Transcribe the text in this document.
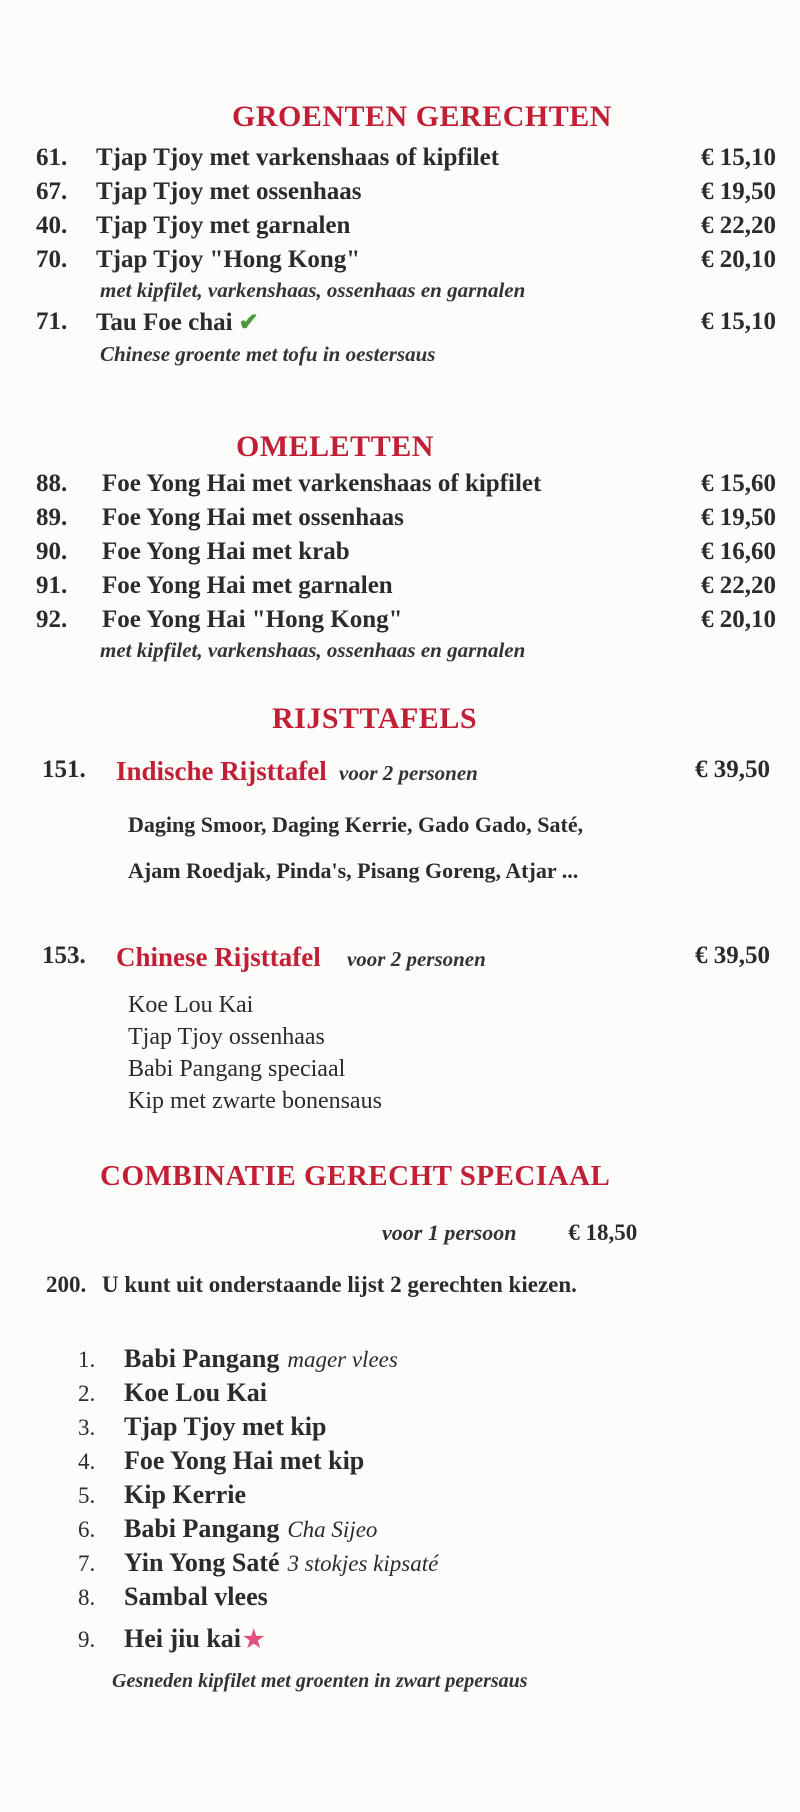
GROENTEN GERECHTEN
61. Tjap Tjoy met varkenshaas of kipfilet	€ 15,10
67. Tjap Tjoy met ossenhaas	€ 19,50
40. Tjap Tjoy met garnalen	€ 22,20
70. Tjap Tjoy "Hong Kong"	€ 20,10
met kipfilet, varkenshaas, ossenhaas en garnalen
71. Tau Foe chai ✔	€ 15,10
Chinese groente met tofu in oestersaus
OMELETTEN
88. Foe Yong Hai met varkenshaas of kipfilet	€ 15,60
89. Foe Yong Hai met ossenhaas	€ 19,50
90. Foe Yong Hai met krab	€ 16,60
91. Foe Yong Hai met garnalen	€ 22,20
92. Foe Yong Hai "Hong Kong"	€ 20,10
met kipfilet, varkenshaas, ossenhaas en garnalen
RIJSTTAFELS
151. Indische Rijsttafel voor 2 personen	€ 39,50
Daging Smoor, Daging Kerrie, Gado Gado, Saté,
Ajam Roedjak, Pinda's, Pisang Goreng, Atjar ...
153. Chinese Rijsttafel voor 2 personen	€ 39,50
Koe Lou Kai
Tjap Tjoy ossenhaas
Babi Pangang speciaal
Kip met zwarte bonensaus
COMBINATIE GERECHT SPECIAAL
voor 1 persoon € 18,50
200. U kunt uit onderstaande lijst 2 gerechten kiezen.
1. Babi Pangang mager vlees
2. Koe Lou Kai
3. Tjap Tjoy met kip
4. Foe Yong Hai met kip
5. Kip Kerrie
6. Babi Pangang Cha Sijeo
7. Yin Yong Saté 3 stokjes kipsaté
8. Sambal vlees
9. Hei jiu kai★
Gesneden kipfilet met groenten in zwart pepersaus
